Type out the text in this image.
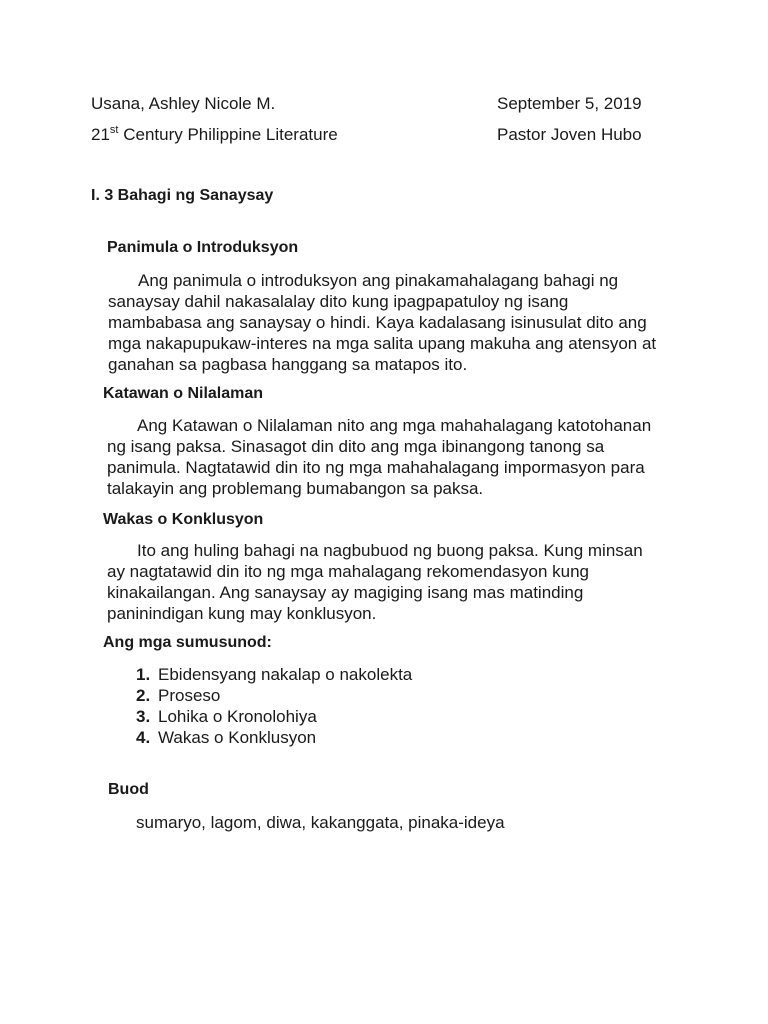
Usana, Ashley Nicole M.	September 5, 2019
21st Century Philippine Literature	Pastor Joven Hubo
I. 3 Bahagi ng Sanaysay
Panimula o Introduksyon
Ang panimula o introduksyon ang pinakamahalagang bahagi ng
sanaysay dahil nakasalalay dito kung ipagpapatuloy ng isang
mambabasa ang sanaysay o hindi. Kaya kadalasang isinusulat dito ang
mga nakapupukaw-interes na mga salita upang makuha ang atensyon at
ganahan sa pagbasa hanggang sa matapos ito.
Katawan o Nilalaman
Ang Katawan o Nilalaman nito ang mga mahahalagang katotohanan
ng isang paksa. Sinasagot din dito ang mga ibinangong tanong sa
panimula. Nagtatawid din ito ng mga mahahalagang impormasyon para
talakayin ang problemang bumabangon sa paksa.
Wakas o Konklusyon
Ito ang huling bahagi na nagbubuod ng buong paksa. Kung minsan
ay nagtatawid din ito ng mga mahalagang rekomendasyon kung
kinakailangan. Ang sanaysay ay magiging isang mas matinding
paninindigan kung may konklusyon.
Ang mga sumusunod:
1. Ebidensyang nakalap o nakolekta
2. Proseso
3. Lohika o Kronolohiya
4. Wakas o Konklusyon
Buod
sumaryo, lagom, diwa, kakanggata, pinaka-ideya
